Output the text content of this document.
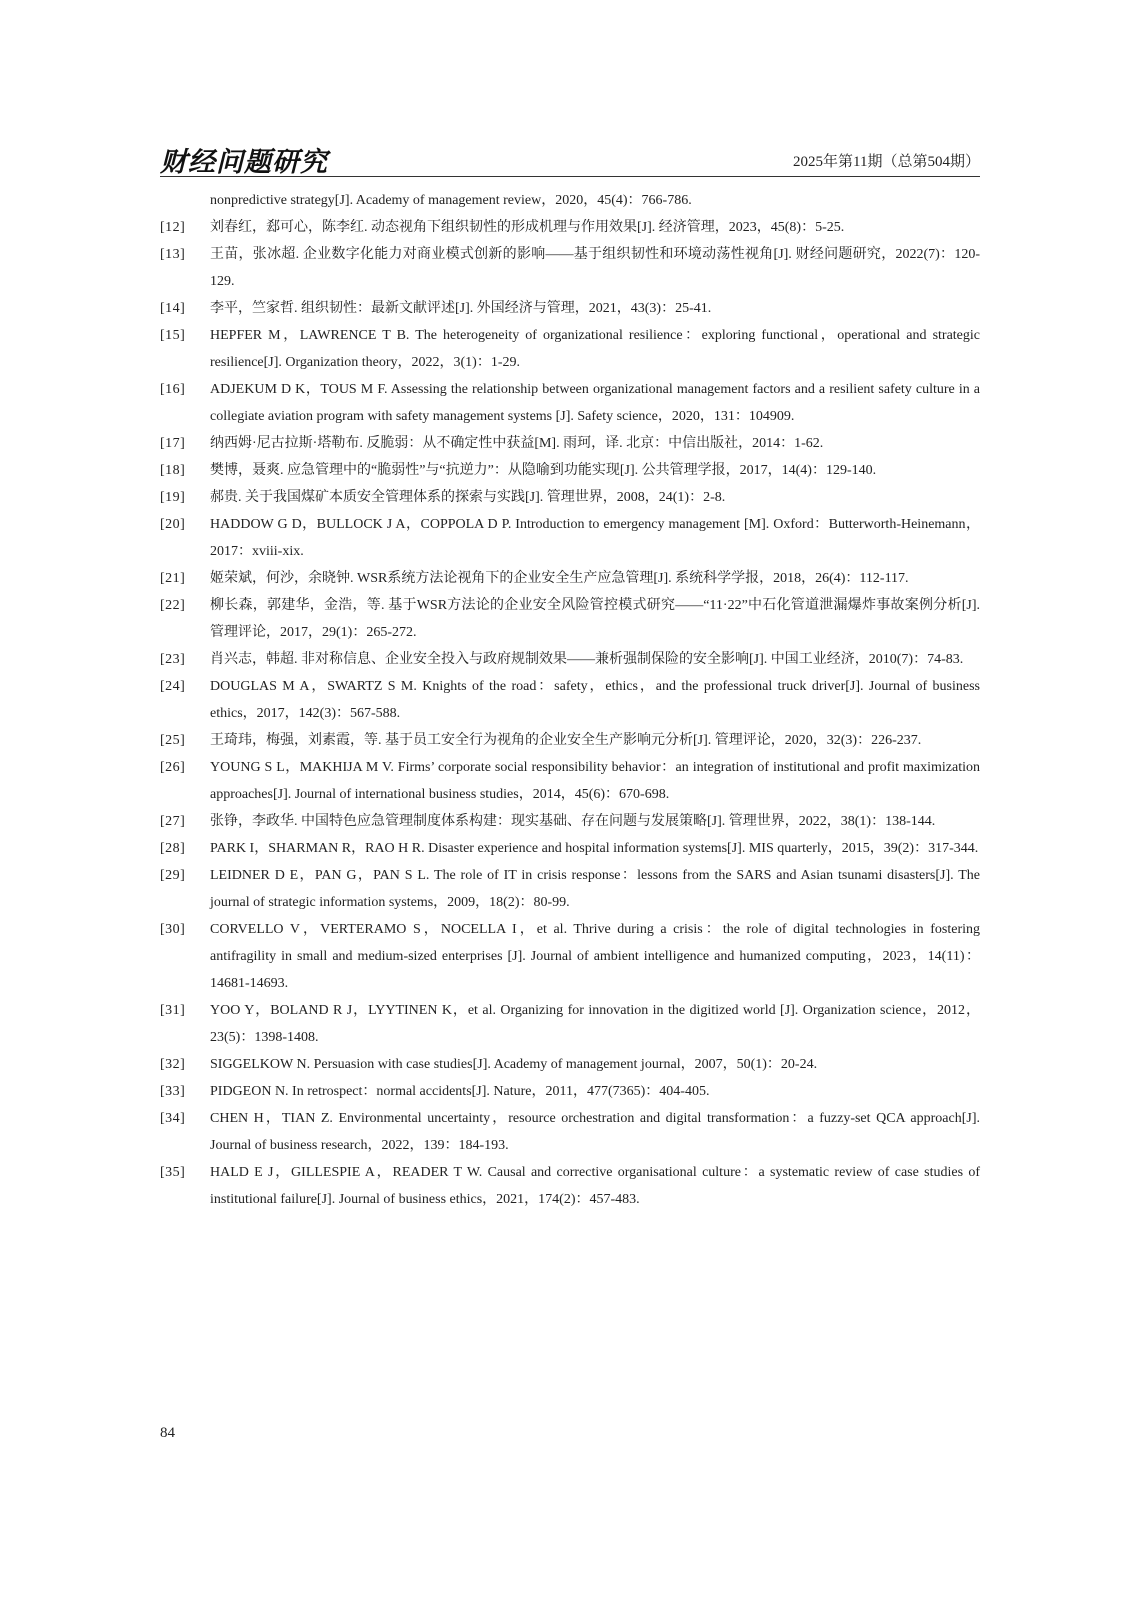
财经问题研究	2025年第11期（总第504期）
nonpredictive strategy[J]. Academy of management review，2020，45(4)：766-786.
[12]	刘春红，郄可心，陈李红. 动态视角下组织韧性的形成机理与作用效果[J]. 经济管理，2023，45(8)：5-25.
[13]	王苗，张冰超. 企业数字化能力对商业模式创新的影响——基于组织韧性和环境动荡性视角[J]. 财经问题研究，2022(7)：120-129.
[14]	李平，竺家哲. 组织韧性：最新文献评述[J]. 外国经济与管理，2021，43(3)：25-41.
[15]	HEPFER M，LAWRENCE T B. The heterogeneity of organizational resilience：exploring functional，operational and strategic resilience[J]. Organization theory，2022，3(1)：1-29.
[16]	ADJEKUM D K，TOUS M F. Assessing the relationship between organizational management factors and a resilient safety culture in a collegiate aviation program with safety management systems [J]. Safety science，2020，131：104909.
[17]	纳西姆·尼古拉斯·塔勒布. 反脆弱：从不确定性中获益[M]. 雨珂，译. 北京：中信出版社，2014：1-62.
[18]	樊博，聂爽. 应急管理中的“脆弱性”与“抗逆力”：从隐喻到功能实现[J]. 公共管理学报，2017，14(4)：129-140.
[19]	郝贵. 关于我国煤矿本质安全管理体系的探索与实践[J]. 管理世界，2008，24(1)：2-8.
[20]	HADDOW G D，BULLOCK J A，COPPOLA D P. Introduction to emergency management [M]. Oxford：Butterworth-Heinemann，2017：xviii-xix.
[21]	姬荣斌，何沙，余晓钟. WSR系统方法论视角下的企业安全生产应急管理[J]. 系统科学学报，2018，26(4)：112-117.
[22]	柳长森，郭建华，金浩，等. 基于WSR方法论的企业安全风险管控模式研究——“11·22”中石化管道泄漏爆炸事故案例分析[J]. 管理评论，2017，29(1)：265-272.
[23]	肖兴志，韩超. 非对称信息、企业安全投入与政府规制效果——兼析强制保险的安全影响[J]. 中国工业经济，2010(7)：74-83.
[24]	DOUGLAS M A，SWARTZ S M. Knights of the road：safety，ethics，and the professional truck driver[J]. Journal of business ethics，2017，142(3)：567-588.
[25]	王琦玮，梅强，刘素霞，等. 基于员工安全行为视角的企业安全生产影响元分析[J]. 管理评论，2020，32(3)：226-237.
[26]	YOUNG S L，MAKHIJA M V. Firms’ corporate social responsibility behavior：an integration of institutional and profit maximization approaches[J]. Journal of international business studies，2014，45(6)：670-698.
[27]	张铮，李政华. 中国特色应急管理制度体系构建：现实基础、存在问题与发展策略[J]. 管理世界，2022，38(1)：138-144.
[28]	PARK I，SHARMAN R，RAO H R. Disaster experience and hospital information systems[J]. MIS quarterly，2015，39(2)：317-344.
[29]	LEIDNER D E，PAN G，PAN S L. The role of IT in crisis response：lessons from the SARS and Asian tsunami disasters[J]. The journal of strategic information systems，2009，18(2)：80-99.
[30]	CORVELLO V，VERTERAMO S，NOCELLA I，et al. Thrive during a crisis：the role of digital technologies in fostering antifragility in small and medium-sized enterprises [J]. Journal of ambient intelligence and humanized computing，2023，14(11)：14681-14693.
[31]	YOO Y，BOLAND R J，LYYTINEN K，et al. Organizing for innovation in the digitized world [J]. Organization science，2012，23(5)：1398-1408.
[32]	SIGGELKOW N. Persuasion with case studies[J]. Academy of management journal，2007，50(1)：20-24.
[33]	PIDGEON N. In retrospect：normal accidents[J]. Nature，2011，477(7365)：404-405.
[34]	CHEN H，TIAN Z. Environmental uncertainty，resource orchestration and digital transformation：a fuzzy-set QCA approach[J]. Journal of business research，2022，139：184-193.
[35]	HALD E J，GILLESPIE A，READER T W. Causal and corrective organisational culture：a systematic review of case studies of institutional failure[J]. Journal of business ethics，2021，174(2)：457-483.
84
